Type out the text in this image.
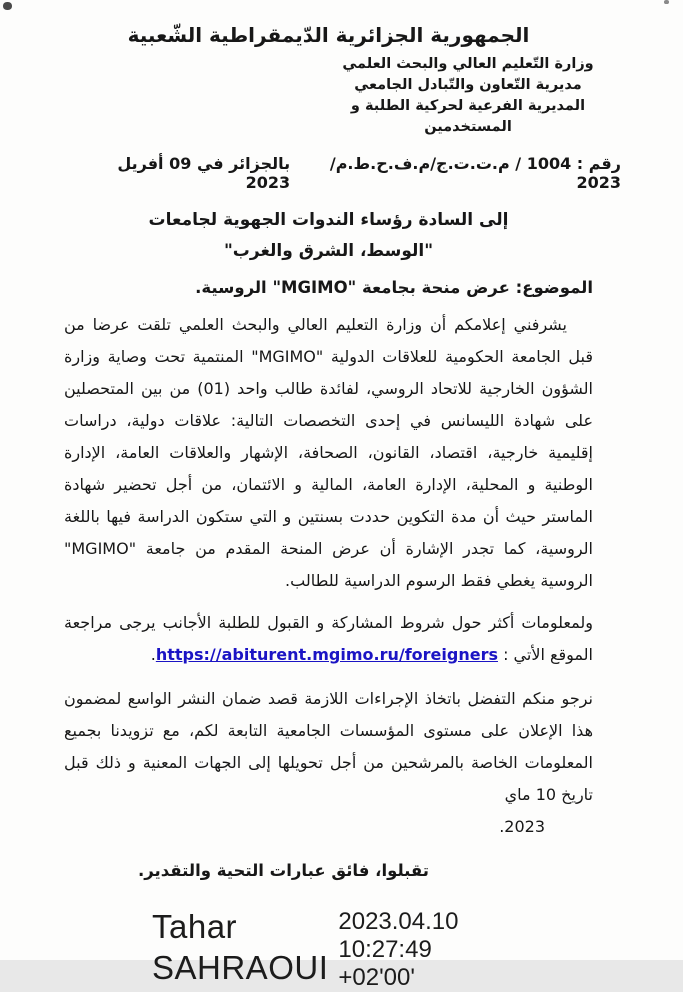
الجمهورية الجزائرية الدّيمقراطية الشّعبية
وزارة التّعليم العالي والبحث العلمي
مديرية التّعاون والتّبادل الجامعي
المديرية الفرعية لحركية الطلبة و المستخدمين
رقم : 1004 / م.ت.ت.ج/م.ف.ح.ط.م/ 2023
بالجزائر في 09 أفريل 2023
إلى السادة رؤساء الندوات الجهوية لجامعات
"الوسط، الشرق والغرب"
الموضوع: عرض منحة بجامعة "MGIMO" الروسية.

يشرفني إعلامكم أن وزارة التعليم العالي والبحث العلمي تلقت عرضا من قبل الجامعة الحكومية للعلاقات الدولية "MGIMO" المنتمية تحت وصاية وزارة الشؤون الخارجية للاتحاد الروسي، لفائدة طالب واحد (01) من بين المتحصلين على شهادة الليسانس في إحدى التخصصات التالية: علاقات دولية، دراسات إقليمية خارجية، اقتصاد، القانون، الصحافة، الإشهار والعلاقات العامة، الإدارة الوطنية و المحلية، الإدارة العامة، المالية و الائتمان، من أجل تحضير شهادة الماستر حيث أن مدة التكوين حددت بسنتين و التي ستكون الدراسة فيها باللغة الروسية، كما تجدر الإشارة أن عرض المنحة المقدم من جامعة "MGIMO" الروسية يغطي فقط الرسوم الدراسية للطالب.

ولمعلومات أكثر حول شروط المشاركة و القبول للطلبة الأجانب يرجى مراجعة الموقع الأتي : https://abiturent.mgimo.ru/foreigners.

نرجو منكم التفضل باتخاذ الإجراءات اللازمة قصد ضمان النشر الواسع لمضمون هذا الإعلان على مستوى المؤسسات الجامعية التابعة لكم، مع تزويدنا بجميع المعلومات الخاصة بالمرشحين من أجل تحويلها إلى الجهات المعنية و ذلك قبل تاريخ 10 ماي

2023.
تقبلوا، فائق عبارات التحية والتقدير.
Tahar
SAHRAOUI
2023.04.10
10:27:49
+02'00'
